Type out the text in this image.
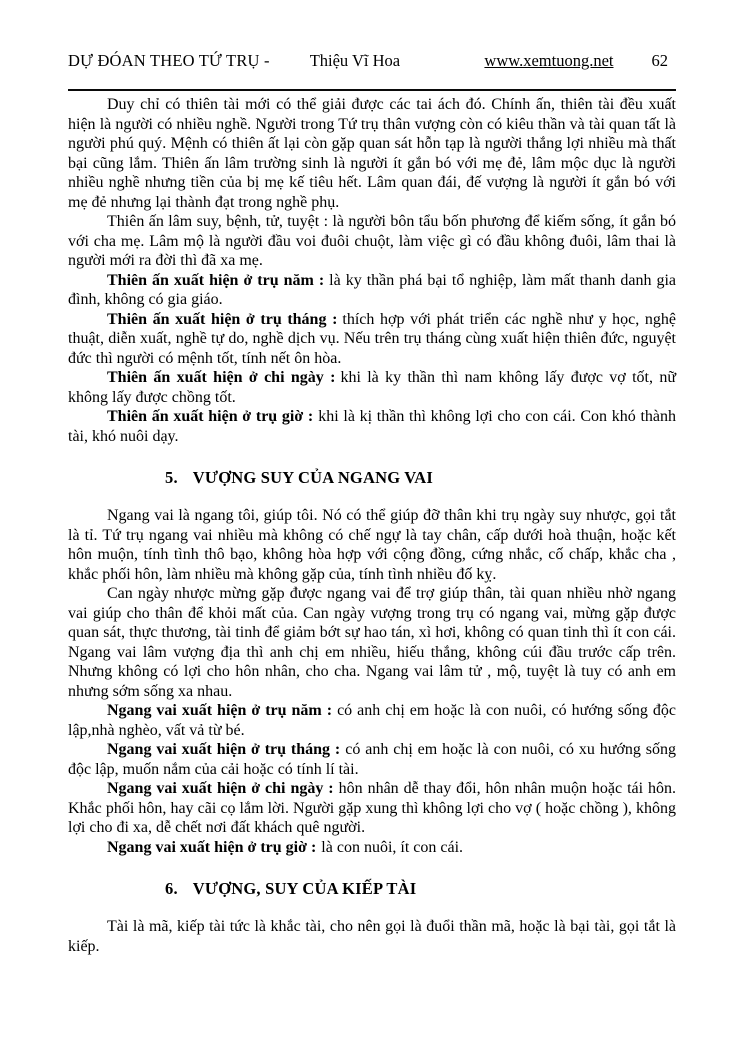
DỰ ĐÓAN THEO TỨ TRỤ - Thiệu Vĩ Hoa	www.xemtuong.net 62

Duy chỉ có thiên tài mới có thể giải được các tai ách đó. Chính ấn, thiên tài đều xuất hiện là người có nhiều nghề. Người trong Tứ trụ thân vượng còn có kiêu thần và tài quan tất là người phú quý. Mệnh có thiên ất lại còn gặp quan sát hỗn tạp là người thắng lợi nhiều mà thất bại cũng lắm. Thiên ấn lâm trường sinh là người ít gắn bó với mẹ đẻ, lâm mộc dục là người nhiều nghề nhưng tiền của bị mẹ kế tiêu hết. Lâm quan đái, đế vượng là người ít gắn bó với mẹ đẻ nhưng lại thành đạt trong nghề phụ.

Thiên ấn lâm suy, bệnh, tử, tuyệt : là người bôn tẩu bốn phương để kiếm sống, ít gắn bó với cha mẹ. Lâm mộ là người đầu voi đuôi chuột, làm việc gì có đầu không đuôi, lâm thai là người mới ra đời thì đã xa mẹ.

Thiên ấn xuất hiện ở trụ năm : là ky thần phá bại tổ nghiệp, làm mất thanh danh gia đình, không có gia giáo.

Thiên ấn xuất hiện ở trụ tháng : thích hợp với phát triển các nghề như y học, nghệ thuật, diễn xuất, nghề tự do, nghề dịch vụ. Nếu trên trụ tháng cùng xuất hiện thiên đức, nguyệt đức thì người có mệnh tốt, tính nết ôn hòa.

Thiên ấn xuất hiện ở chi ngày : khi là ky thần thì nam không lấy được vợ tốt, nữ không lấy được chồng tốt.

Thiên ấn xuất hiện ở trụ giờ : khi là kị thần thì không lợi cho con cái. Con khó thành tài, khó nuôi dạy.

5. VƯỢNG SUY CỦA NGANG VAI

Ngang vai là ngang tôi, giúp tôi. Nó có thể giúp đỡ thân khi trụ ngày suy nhược, gọi tắt là tỉ. Tứ trụ ngang vai nhiều mà không có chế ngự là tay chân, cấp dưới hoà thuận, hoặc kết hôn muộn, tính tình thô bạo, không hòa hợp với cộng đồng, cứng nhắc, cố chấp, khắc cha , khắc phối hôn, làm nhiều mà không gặp của, tính tình nhiều đố kỵ.

Can ngày nhược mừng gặp được ngang vai để trợ giúp thân, tài quan nhiều nhờ ngang vai giúp cho thân để khỏi mất của. Can ngày vượng trong trụ có ngang vai, mừng gặp được quan sát, thực thương, tài tinh để giảm bớt sự hao tán, xì hơi, không có quan tinh thì ít con cái. Ngang vai lâm vượng địa thì anh chị em nhiều, hiếu thắng, không cúi đầu trước cấp trên. Nhưng không có lợi cho hôn nhân, cho cha. Ngang vai lâm tử , mộ, tuyệt là tuy có anh em nhưng sớm sống xa nhau.

Ngang vai xuất hiện ở trụ năm : có anh chị em hoặc là con nuôi, có hướng sống độc lập,nhà nghèo, vất vả từ bé.

Ngang vai xuất hiện ở trụ tháng : có anh chị em hoặc là con nuôi, có xu hướng sống độc lập, muốn nắm của cải hoặc có tính lí tài.

Ngang vai xuất hiện ở chi ngày : hôn nhân dễ thay đổi, hôn nhân muộn hoặc tái hôn. Khắc phối hôn, hay cãi cọ lắm lời. Người gặp xung thì không lợi cho vợ ( hoặc chồng ), không lợi cho đi xa, dễ chết nơi đất khách quê người.

Ngang vai xuất hiện ở trụ giờ : là con nuôi, ít con cái.

6. VƯỢNG, SUY CỦA KIẾP TÀI

Tài là mã, kiếp tài tức là khắc tài, cho nên gọi là đuổi thần mã, hoặc là bại tài, gọi tắt là kiếp.
